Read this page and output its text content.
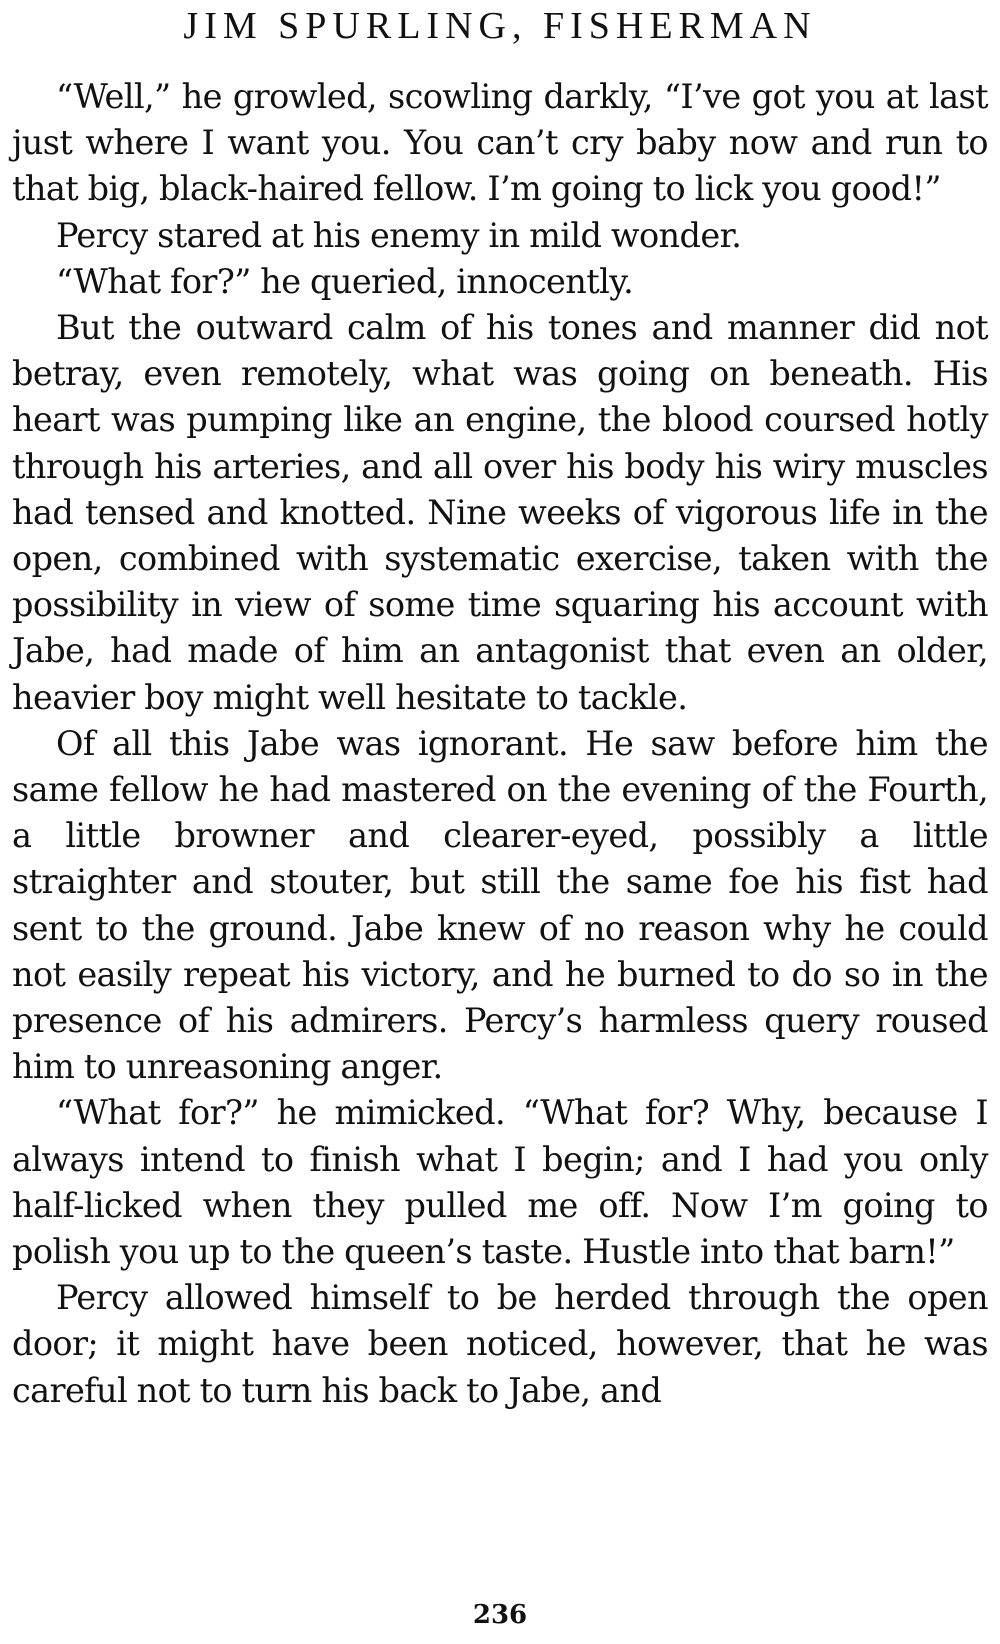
JIM SPURLING, FISHERMAN

“Well,” he growled, scowling darkly, “I’ve got you at last just where I want you. You can’t cry baby now and run to that big, black-haired fellow. I’m going to lick you good!”

Percy stared at his enemy in mild wonder.

“What for?” he queried, innocently.

But the outward calm of his tones and manner did not betray, even remotely, what was going on beneath. His heart was pumping like an engine, the blood coursed hotly through his arteries, and all over his body his wiry muscles had tensed and knotted. Nine weeks of vigorous life in the open, combined with systematic exercise, taken with the possibility in view of some time squaring his account with Jabe, had made of him an antagonist that even an older, heavier boy might well hesitate to tackle.

Of all this Jabe was ignorant. He saw before him the same fellow he had mastered on the evening of the Fourth, a little browner and clearer-eyed, possibly a little straighter and stouter, but still the same foe his fist had sent to the ground. Jabe knew of no reason why he could not easily repeat his victory, and he burned to do so in the presence of his admirers. Percy’s harmless query roused him to unreasoning anger.

“What for?” he mimicked. “What for? Why, because I always intend to finish what I begin; and I had you only half-licked when they pulled me off. Now I’m going to polish you up to the queen’s taste. Hustle into that barn!”

Percy allowed himself to be herded through the open door; it might have been noticed, however, that he was careful not to turn his back to Jabe, and

236
